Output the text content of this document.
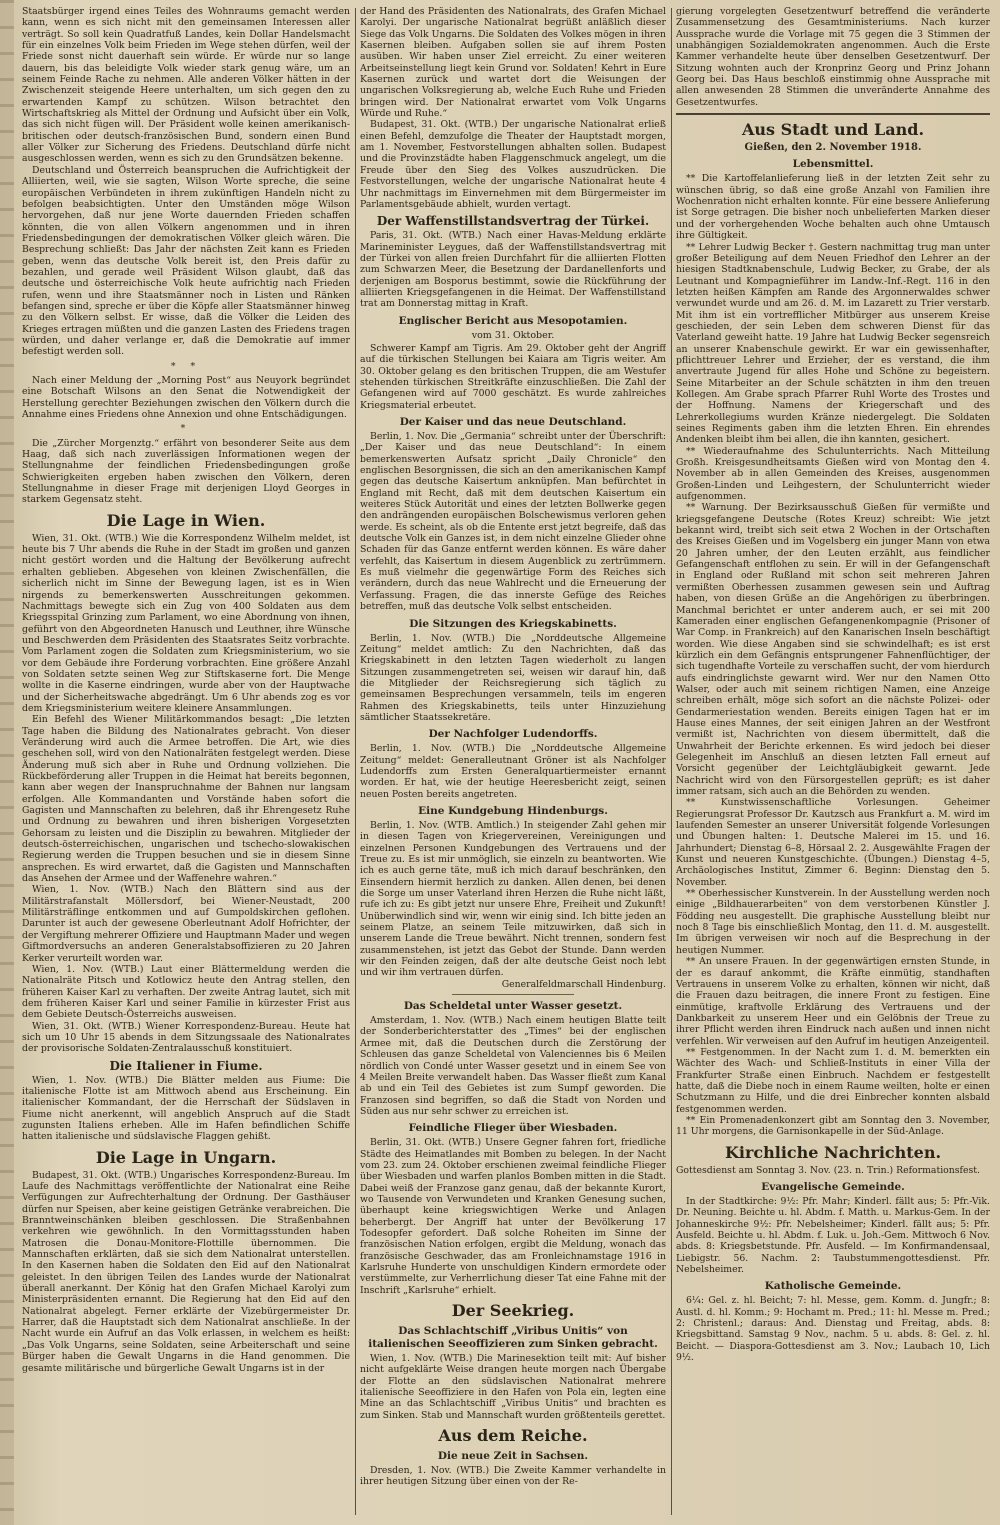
Staatsbürger irgend eines Teiles des Wohnraums gemacht werden kann, wenn es sich nicht mit den gemeinsamen Interessen aller verträgt. So soll kein Quadratfuß Landes, kein Dollar Handelsmacht für ein einzelnes Volk beim Frieden im Wege stehen dürfen, weil der Friede sonst nicht dauerhaft sein würde. Er würde nur so lange dauern, bis das beleidigte Volk wieder stark genug wäre, um an seinem Feinde Rache zu nehmen. Alle anderen Völker hätten in der Zwischenzeit steigende Heere unterhalten, um sich gegen den zu erwartenden Kampf zu schützen. Wilson betrachtet den Wirtschaftskrieg als Mittel der Ordnung und Aufsicht über ein Volk, das sich nicht fügen will. Der Präsident wolle keinen amerikanisch-britischen oder deutsch-französischen Bund, sondern einen Bund aller Völker zur Sicherung des Friedens. Deutschland dürfe nicht ausgeschlossen werden, wenn es sich zu den Grundsätzen bekenne.

Deutschland und Österreich beanspruchen die Aufrichtigkeit der Alliierten, weil, wie sie sagten, Wilson Worte spreche, die seine europäischen Verbündeten in ihrem zukünftigen Handeln nicht zu befolgen beabsichtigten. Unter den Umständen möge Wilson hervorgehen, daß nur jene Worte dauernden Frieden schaffen könnten, die von allen Völkern angenommen und in ihren Friedensbedingungen der demokratischen Völker gleich wären. Die Besprechung schließt: Das Jahr der nächsten Zeit kann es Frieden geben, wenn das deutsche Volk bereit ist, den Preis dafür zu bezahlen, und gerade weil Präsident Wilson glaubt, daß das deutsche und österreichische Volk heute aufrichtig nach Frieden rufen, wenn und ihre Staatsmänner noch in Listen und Ränken befangen sind, spreche er über die Köpfe aller Staatsmänner hinweg zu den Völkern selbst. Er wisse, daß die Völker die Leiden des Krieges ertragen müßten und die ganzen Lasten des Friedens tragen würden, und daher verlange er, daß die Demokratie auf immer befestigt werden soll.

* *

Nach einer Meldung der „Morning Post“ aus Neuyork begründet eine Botschaft Wilsons an den Senat die Notwendigkeit der Herstellung gerechter Beziehungen zwischen den Völkern durch die Annahme eines Friedens ohne Annexion und ohne Entschädigungen.

*

Die „Zürcher Morgenztg.“ erfährt von besonderer Seite aus dem Haag, daß sich nach zuverlässigen Informationen wegen der Stellungnahme der feindlichen Friedensbedingungen große Schwierigkeiten ergeben haben zwischen den Völkern, deren Stellungnahme in dieser Frage mit derjenigen Lloyd Georges in starkem Gegensatz steht.

Die Lage in Wien.

Wien, 31. Okt. (WTB.) Wie die Korrespondenz Wilhelm meldet, ist heute bis 7 Uhr abends die Ruhe in der Stadt im großen und ganzen nicht gestört worden und die Haltung der Bevölkerung aufrecht erhalten geblieben. Abgesehen von kleinen Zwischenfällen, die sicherlich nicht im Sinne der Bewegung lagen, ist es in Wien nirgends zu bemerkenswerten Ausschreitungen gekommen. Nachmittags bewegte sich ein Zug von 400 Soldaten aus dem Kriegsspital Grinzing zum Parlament, wo eine Abordnung von ihnen, geführt von den Abgeordneten Hanusch und Leuthner, ihre Wünsche und Beschwerden dem Präsidenten des Staatsrates Seitz vorbrachte. Vom Parlament zogen die Soldaten zum Kriegsministerium, wo sie vor dem Gebäude ihre Forderung vorbrachten. Eine größere Anzahl von Soldaten setzte seinen Weg zur Stiftskaserne fort. Die Menge wollte in die Kaserne eindringen, wurde aber von der Hauptwache und der Sicherheitswache abgedrängt. Um 6 Uhr abends zog es vor dem Kriegsministerium weitere kleinere Ansammlungen.

Ein Befehl des Wiener Militärkommandos besagt: „Die letzten Tage haben die Bildung des Nationalrates gebracht. Von dieser Veränderung wird auch die Armee betroffen. Die Art, wie dies geschehen soll, wird von den Nationalräten festgelegt werden. Diese Änderung muß sich aber in Ruhe und Ordnung vollziehen. Die Rückbeförderung aller Truppen in die Heimat hat bereits begonnen, kann aber wegen der Inanspruchnahme der Bahnen nur langsam erfolgen. Alle Kommandanten und Vorstände haben sofort die Gagisten und Mannschaften zu belehren, daß ihr Ehrengesetz Ruhe und Ordnung zu bewahren und ihren bisherigen Vorgesetzten Gehorsam zu leisten und die Disziplin zu bewahren. Mitglieder der deutsch-österreichischen, ungarischen und tschecho-slowakischen Regierung werden die Truppen besuchen und sie in diesem Sinne ansprechen. Es wird erwartet, daß die Gagisten und Mannschaften das Ansehen der Armee und der Waffenehre wahren.“

Wien, 1. Nov. (WTB.) Nach den Blättern sind aus der Militärstrafanstalt Möllersdorf, bei Wiener-Neustadt, 200 Militärsträflinge entkommen und auf Gumpoldskirchen geflohen. Darunter ist auch der gewesene Oberleutnant Adolf Hofrichter, der der Vergiftung mehrerer Offiziere und Hauptmann Mader und wegen Giftmordversuchs an anderen Generalstabsoffizieren zu 20 Jahren Kerker verurteilt worden war.

Wien, 1. Nov. (WTB.) Laut einer Blättermeldung werden die Nationalräte Pitsch und Kotlowicz heute den Antrag stellen, den früheren Kaiser Karl zu verhaften. Der zweite Antrag lautet, sich mit dem früheren Kaiser Karl und seiner Familie in kürzester Frist aus dem Gebiete Deutsch-Österreichs ausweisen.

Wien, 31. Okt. (WTB.) Wiener Korrespondenz-Bureau. Heute hat sich um 10 Uhr 15 abends in dem Sitzungssaale des Nationalrates der provisorische Soldaten-Zentralausschuß konstituiert.

Die Italiener in Fiume.

Wien, 1. Nov. (WTB.) Die Blätter melden aus Fiume: Die italienische Flotte ist am Mittwoch abend aus Erscheinung. Ein italienischer Kommandant, der die Herrschaft der Südslaven in Fiume nicht anerkennt, will angeblich Anspruch auf die Stadt zugunsten Italiens erheben. Alle im Hafen befindlichen Schiffe hatten italienische und südslavische Flaggen gehißt.

Die Lage in Ungarn.

Budapest, 31. Okt. (WTB.) Ungarisches Korrespondenz-Bureau. Im Laufe des Nachmittags veröffentlichte der Nationalrat eine Reihe Verfügungen zur Aufrechterhaltung der Ordnung. Der Gasthäuser dürfen nur Speisen, aber keine geistigen Getränke verabreichen. Die Branntweinschänken bleiben geschlossen. Die Straßenbahnen verkehren wie gewöhnlich. In den Vormittagsstunden haben Matrosen die Donau-Monitore-Flottille übernommen. Die Mannschaften erklärten, daß sie sich dem Nationalrat unterstellen. In den Kasernen haben die Soldaten den Eid auf den Nationalrat geleistet. In den übrigen Teilen des Landes wurde der Nationalrat überall anerkannt. Der König hat den Grafen Michael Karolyi zum Ministerpräsidenten ernannt. Die Regierung hat den Eid auf den Nationalrat abgelegt. Ferner erklärte der Vizebürgermeister Dr. Harrer, daß die Hauptstadt sich dem Nationalrat anschließe. In der Nacht wurde ein Aufruf an das Volk erlassen, in welchem es heißt: „Das Volk Ungarns, seine Soldaten, seine Arbeiterschaft und seine Bürger haben die Gewalt Ungarns in die Hand genommen. Die gesamte militärische und bürgerliche Gewalt Ungarns ist in der

der Hand des Präsidenten des Nationalrats, des Grafen Michael Karolyi. Der ungarische Nationalrat begrüßt anläßlich dieser Siege das Volk Ungarns. Die Soldaten des Volkes mögen in ihren Kasernen bleiben. Aufgaben sollen sie auf ihrem Posten ausüben. Wir haben unser Ziel erreicht. Zu einer weiteren Arbeitseinstellung liegt kein Grund vor. Soldaten! Kehrt in Eure Kasernen zurück und wartet dort die Weisungen der ungarischen Volksregierung ab, welche Euch Ruhe und Frieden bringen wird. Der Nationalrat erwartet vom Volk Ungarns Würde und Ruhe.“

Budapest, 31. Okt. (WTB.) Der ungarische Nationalrat erließ einen Befehl, demzufolge die Theater der Hauptstadt morgen, am 1. November, Festvorstellungen abhalten sollen. Budapest und die Provinzstädte haben Flaggenschmuck angelegt, um die Freude über den Sieg des Volkes auszudrücken. Die Festvorstellungen, welche der ungarische Nationalrat heute 4 Uhr nachmittags im Einvernehmen mit dem Bürgermeister im Parlamentsgebäude abhielt, wurden vertagt.

Der Waffenstillstandsvertrag der Türkei.

Paris, 31. Okt. (WTB.) Nach einer Havas-Meldung erklärte Marineminister Leygues, daß der Waffenstillstandsvertrag mit der Türkei von allen freien Durchfahrt für die alliierten Flotten zum Schwarzen Meer, die Besetzung der Dardanellenforts und derjenigen am Bosporus bestimmt, sowie die Rückführung der alliierten Kriegsgefangenen in die Heimat. Der Waffenstillstand trat am Donnerstag mittag in Kraft.

Englischer Bericht aus Mesopotamien.
vom 31. Oktober.

Schwerer Kampf am Tigris. Am 29. Oktober geht der Angriff auf die türkischen Stellungen bei Kaiara am Tigris weiter. Am 30. Oktober gelang es den britischen Truppen, die am Westufer stehenden türkischen Streitkräfte einzuschließen. Die Zahl der Gefangenen wird auf 7000 geschätzt. Es wurde zahlreiches Kriegsmaterial erbeutet.

Der Kaiser und das neue Deutschland.

Berlin, 1. Nov. Die „Germania“ schreibt unter der Überschrift: „Der Kaiser und das neue Deutschland“: In einem bemerkenswerten Aufsatz spricht „Daily Chronicle“ den englischen Besorgnissen, die sich an den amerikanischen Kampf gegen das deutsche Kaisertum anknüpfen. Man befürchtet in England mit Recht, daß mit dem deutschen Kaisertum ein weiteres Stück Autorität und eines der letzten Bollwerke gegen den andrängenden europäischen Bolschewismus verloren gehen werde. Es scheint, als ob die Entente erst jetzt begreife, daß das deutsche Volk ein Ganzes ist, in dem nicht einzelne Glieder ohne Schaden für das Ganze entfernt werden können. Es wäre daher verfehlt, das Kaisertum in diesem Augenblick zu zertrümmern. Es muß vielmehr die gegenwärtige Form des Reiches sich verändern, durch das neue Wahlrecht und die Erneuerung der Verfassung. Fragen, die das innerste Gefüge des Reiches betreffen, muß das deutsche Volk selbst entscheiden.

Die Sitzungen des Kriegskabinetts.

Berlin, 1. Nov. (WTB.) Die „Norddeutsche Allgemeine Zeitung“ meldet amtlich: Zu den Nachrichten, daß das Kriegskabinett in den letzten Tagen wiederholt zu langen Sitzungen zusammengetreten sei, weisen wir darauf hin, daß die Mitglieder der Reichsregierung sich täglich zu gemeinsamen Besprechungen versammeln, teils im engeren Rahmen des Kriegskabinetts, teils unter Hinzuziehung sämtlicher Staatssekretäre.

Der Nachfolger Ludendorffs.

Berlin, 1. Nov. (WTB.) Die „Norddeutsche Allgemeine Zeitung“ meldet: Generalleutnant Gröner ist als Nachfolger Ludendorffs zum Ersten Generalquartiermeister ernannt worden. Er hat, wie der heutige Heeresbericht zeigt, seinen neuen Posten bereits angetreten.

Eine Kundgebung Hindenburgs.

Berlin, 1. Nov. (WTB. Amtlich.) In steigender Zahl gehen mir in diesen Tagen von Kriegervereinen, Vereinigungen und einzelnen Personen Kundgebungen des Vertrauens und der Treue zu. Es ist mir unmöglich, sie einzeln zu beantworten. Wie ich es auch gerne täte, muß ich mich darauf beschränken, den Einsendern hiermit herzlich zu danken. Allen denen, bei denen die Sorge um unser Vaterland ihren Herzen die Ruhe nicht läßt, rufe ich zu: Es gibt jetzt nur unsere Ehre, Freiheit und Zukunft! Unüberwindlich sind wir, wenn wir einig sind. Ich bitte jeden an seinem Platze, an seinem Teile mitzuwirken, daß sich in unserem Lande die Treue bewährt. Nicht trennen, sondern fest zusammenstehen, ist jetzt das Gebot der Stunde. Dann werden wir den Feinden zeigen, daß der alte deutsche Geist noch lebt und wir ihm vertrauen dürfen.

Generalfeldmarschall Hindenburg.

Das Scheldetal unter Wasser gesetzt.

Amsterdam, 1. Nov. (WTB.) Nach einem heutigen Blatte teilt der Sonderberichterstatter des „Times“ bei der englischen Armee mit, daß die Deutschen durch die Zerstörung der Schleusen das ganze Scheldetal von Valenciennes bis 6 Meilen nördlich von Condé unter Wasser gesetzt und in einem See von 4 Meilen Breite verwandelt haben. Das Wasser fließt zum Kanal ab und ein Teil des Gebietes ist zum Sumpf geworden. Die Franzosen sind begriffen, so daß die Stadt von Norden und Süden aus nur sehr schwer zu erreichen ist.

Feindliche Flieger über Wiesbaden.

Berlin, 31. Okt. (WTB.) Unsere Gegner fahren fort, friedliche Städte des Heimatlandes mit Bomben zu belegen. In der Nacht vom 23. zum 24. Oktober erschienen zweimal feindliche Flieger über Wiesbaden und warfen planlos Bomben mitten in die Stadt. Dabei weiß der Franzose ganz genau, daß der bekannte Kurort, wo Tausende von Verwundeten und Kranken Genesung suchen, überhaupt keine kriegswichtigen Werke und Anlagen beherbergt. Der Angriff hat unter der Bevölkerung 17 Todesopfer gefordert. Daß solche Roheiten im Sinne der französischen Nation erfolgen, ergibt die Meldung, wonach das französische Geschwader, das am Fronleichnamstage 1916 in Karlsruhe Hunderte von unschuldigen Kindern ermordete oder verstümmelte, zur Verherrlichung dieser Tat eine Fahne mit der Inschrift „Karlsruhe“ erhielt.

Der Seekrieg.
Das Schlachtschiff „Viribus Unitis“ von italienischen Seeoffizieren zum Sinken gebracht.

Wien, 1. Nov. (WTB.) Die Marinesektion teilt mit: Auf bisher nicht aufgeklärte Weise drangen heute morgen nach Übergabe der Flotte an den südslavischen Nationalrat mehrere italienische Seeoffiziere in den Hafen von Pola ein, legten eine Mine an das Schlachtschiff „Viribus Unitis“ und brachten es zum Sinken. Stab und Mannschaft wurden größtenteils gerettet.

Aus dem Reiche.
Die neue Zeit in Sachsen.

Dresden, 1. Nov. (WTB.) Die Zweite Kammer verhandelte in ihrer heutigen Sitzung über einen von der Re-

gierung vorgelegten Gesetzentwurf betreffend die veränderte Zusammensetzung des Gesamtministeriums. Nach kurzer Aussprache wurde die Vorlage mit 75 gegen die 3 Stimmen der unabhängigen Sozialdemokraten angenommen. Auch die Erste Kammer verhandelte heute über denselben Gesetzentwurf. Der Sitzung wohnten auch der Kronprinz Georg und Prinz Johann Georg bei. Das Haus beschloß einstimmig ohne Aussprache mit allen anwesenden 28 Stimmen die unveränderte Annahme des Gesetzentwurfes.

Aus Stadt und Land.
Gießen, den 2. November 1918.
Lebensmittel.

** Die Kartoffelanlieferung ließ in der letzten Zeit sehr zu wünschen übrig, so daß eine große Anzahl von Familien ihre Wochenration nicht erhalten konnte. Für eine bessere Anlieferung ist Sorge getragen. Die bisher noch unbelieferten Marken dieser und der vorhergehenden Woche behalten auch ohne Umtausch ihre Gültigkeit.

** Lehrer Ludwig Becker †. Gestern nachmittag trug man unter großer Beteiligung auf dem Neuen Friedhof den Lehrer an der hiesigen Stadtknabenschule, Ludwig Becker, zu Grabe, der als Leutnant und Kompagnieführer im Landw.-Inf.-Regt. 116 in den letzten heißen Kämpfen am Rande des Argonnerwaldes schwer verwundet wurde und am 26. d. M. im Lazarett zu Trier verstarb. Mit ihm ist ein vortrefflicher Mitbürger aus unserem Kreise geschieden, der sein Leben dem schweren Dienst für das Vaterland geweiht hatte. 19 Jahre hat Ludwig Becker segensreich an unserer Knabenschule gewirkt. Er war ein gewissenhafter, pflichttreuer Lehrer und Erzieher, der es verstand, die ihm anvertraute Jugend für alles Hohe und Schöne zu begeistern. Seine Mitarbeiter an der Schule schätzten in ihm den treuen Kollegen. Am Grabe sprach Pfarrer Ruhl Worte des Trostes und der Hoffnung. Namens der Kriegerschaft und des Lehrerkollegiums wurden Kränze niedergelegt. Die Soldaten seines Regiments gaben ihm die letzten Ehren. Ein ehrendes Andenken bleibt ihm bei allen, die ihn kannten, gesichert.

** Wiederaufnahme des Schulunterrichts. Nach Mitteilung Großh. Kreisgesundheitsamts Gießen wird von Montag den 4. November ab in allen Gemeinden des Kreises, ausgenommen Großen-Linden und Leihgestern, der Schulunterricht wieder aufgenommen.

** Warnung. Der Bezirksausschuß Gießen für vermißte und kriegsgefangene Deutsche (Rotes Kreuz) schreibt: Wie jetzt bekannt wird, treibt sich seit etwa 2 Wochen in der Ortschaften des Kreises Gießen und im Vogelsberg ein junger Mann von etwa 20 Jahren umher, der den Leuten erzählt, aus feindlicher Gefangenschaft entflohen zu sein. Er will in der Gefangenschaft in England oder Rußland mit schon seit mehreren Jahren vermißten Oberhessen zusammen gewesen sein und Auftrag haben, von diesen Grüße an die Angehörigen zu überbringen. Manchmal berichtet er unter anderem auch, er sei mit 200 Kameraden einer englischen Gefangenenkompagnie (Prisoner of War Comp. in Frankreich) auf den Kanarischen Inseln beschäftigt worden. Wie diese Angaben sind sie schwindelhaft; es ist erst kürzlich ein dem Gefängnis entsprungener Fahnenflüchtiger, der sich tugendhafte Vorteile zu verschaffen sucht, der vom hierdurch aufs eindringlichste gewarnt wird. Wer nur den Namen Otto Walser, oder auch mit seinem richtigen Namen, eine Anzeige schreiben erhält, möge sich sofort an die nächste Polizei- oder Gendarmeriestation wenden. Bereits einigen Tagen hat er im Hause eines Mannes, der seit einigen Jahren an der Westfront vermißt ist, Nachrichten von diesem übermittelt, daß die Unwahrheit der Berichte erkennen. Es wird jedoch bei dieser Gelegenheit im Anschluß an diesen letzten Fall erneut auf Vorsicht gegenüber der Leichtgläubigkeit gewarnt. Jede Nachricht wird von den Fürsorgestellen geprüft; es ist daher immer ratsam, sich auch an die Behörden zu wenden.

** Kunstwissenschaftliche Vorlesungen. Geheimer Regierungsrat Professor Dr. Kautzsch aus Frankfurt a. M. wird im laufenden Semester an unserer Universität folgende Vorlesungen und Übungen halten: 1. Deutsche Malerei im 15. und 16. Jahrhundert; Dienstag 6–8, Hörsaal 2. 2. Ausgewählte Fragen der Kunst und neueren Kunstgeschichte. (Übungen.) Dienstag 4–5, Archäologisches Institut, Zimmer 6. Beginn: Dienstag den 5. November.

** Oberhessischer Kunstverein. In der Ausstellung werden noch einige „Bildhauerarbeiten“ von dem verstorbenen Künstler J. Födding neu ausgestellt. Die graphische Ausstellung bleibt nur noch 8 Tage bis einschließlich Montag, den 11. d. M. ausgestellt. Im übrigen verweisen wir noch auf die Besprechung in der heutigen Nummer.

** An unsere Frauen. In der gegenwärtigen ernsten Stunde, in der es darauf ankommt, die Kräfte einmütig, standhaften Vertrauens in unserem Volke zu erhalten, können wir nicht, daß die Frauen dazu beitragen, die innere Front zu festigen. Eine einmütige, kraftvolle Erklärung des Vertrauens und der Dankbarkeit zu unserem Heer und ein Gelöbnis der Treue zu ihrer Pflicht werden ihren Eindruck nach außen und innen nicht verfehlen. Wir verweisen auf den Aufruf im heutigen Anzeigenteil.

** Festgenommen. In der Nacht zum 1. d. M. bemerkten ein Wächter des Wach- und Schließ-Instituts in einer Villa der Frankfurter Straße einen Einbruch. Nachdem er festgestellt hatte, daß die Diebe noch in einem Raume weilten, holte er einen Schutzmann zu Hilfe, und die drei Einbrecher konnten alsbald festgenommen werden.

** Ein Promenadenkonzert gibt am Sonntag den 3. November, 11 Uhr morgens, die Garnisonkapelle in der Süd-Anlage.

Kirchliche Nachrichten.

Gottesdienst am Sonntag 3. Nov. (23. n. Trin.) Reformationsfest.

Evangelische Gemeinde.

In der Stadtkirche: 9½: Pfr. Mahr; Kinderl. fällt aus; 5: Pfr.-Vik. Dr. Neuning. Beichte u. hl. Abdm. f. Matth. u. Markus-Gem. In der Johanneskirche 9½: Pfr. Nebelsheimer; Kinderl. fällt aus; 5: Pfr. Ausfeld. Beichte u. hl. Abdm. f. Luk. u. Joh.-Gem. Mittwoch 6 Nov. abds. 8: Kriegsbetstunde. Pfr. Ausfeld. — Im Konfirmandensaal, Liebigstr. 56. Nachm. 2: Taubstummengottesdienst. Pfr. Nebelsheimer.

Katholische Gemeinde.

6¼: Gel. z. hl. Beicht; 7: hl. Messe, gem. Komm. d. Jungfr.; 8: Austl. d. hl. Komm.; 9: Hochamt m. Pred.; 11: hl. Messe m. Pred.; 2: Christenl.; daraus: And. Dienstag und Freitag, abds. 8: Kriegsbittand. Samstag 9 Nov., nachm. 5 u. abds. 8: Gel. z. hl. Beicht. — Diaspora-Gottesdienst am 3. Nov.; Laubach 10, Lich 9½.
